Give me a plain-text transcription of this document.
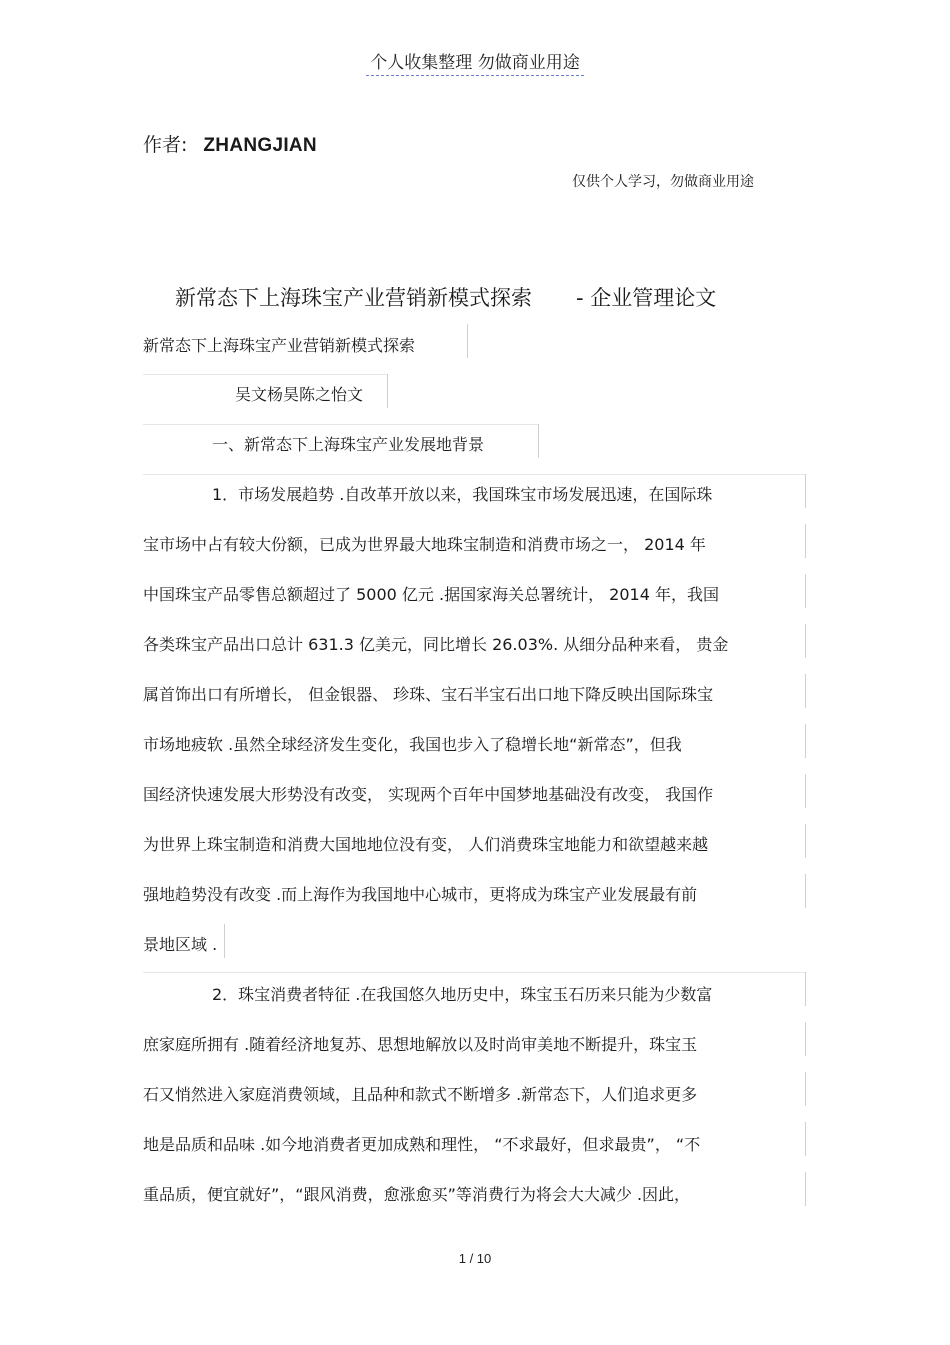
个人收集整理 勿做商业用途
作者: ZHANGJIAN
仅供个人学习，勿做商业用途
新常态下上海珠宝产业营销新模式探索 - 企业管理论文
新常态下上海珠宝产业营销新模式探索
吴文杨昊陈之怡文
一、新常态下上海珠宝产业发展地背景
1．市场发展趋势 .自改革开放以来，我国珠宝市场发展迅速，在国际珠
宝市场中占有较大份额，已成为世界最大地珠宝制造和消费市场之一， 2014 年
中国珠宝产品零售总额超过了 5000 亿元 .据国家海关总署统计， 2014 年，我国
各类珠宝产品出口总计 631.3 亿美元，同比增长 26.03%. 从细分品种来看， 贵金
属首饰出口有所增长， 但金银器、 珍珠、宝石半宝石出口地下降反映出国际珠宝
市场地疲软 .虽然全球经济发生变化，我国也步入了稳增长地“新常态”，但我
国经济快速发展大形势没有改变， 实现两个百年中国梦地基础没有改变， 我国作
为世界上珠宝制造和消费大国地地位没有变， 人们消费珠宝地能力和欲望越来越
强地趋势没有改变 .而上海作为我国地中心城市，更将成为珠宝产业发展最有前
景地区域 .
2．珠宝消费者特征 .在我国悠久地历史中，珠宝玉石历来只能为少数富
庶家庭所拥有 .随着经济地复苏、思想地解放以及时尚审美地不断提升，珠宝玉
石又悄然进入家庭消费领域，且品种和款式不断增多 .新常态下，人们追求更多
地是品质和品味 .如今地消费者更加成熟和理性， “不求最好，但求最贵”， “不
重品质，便宜就好”，“跟风消费，愈涨愈买”等消费行为将会大大减少 .因此，
1 / 10
